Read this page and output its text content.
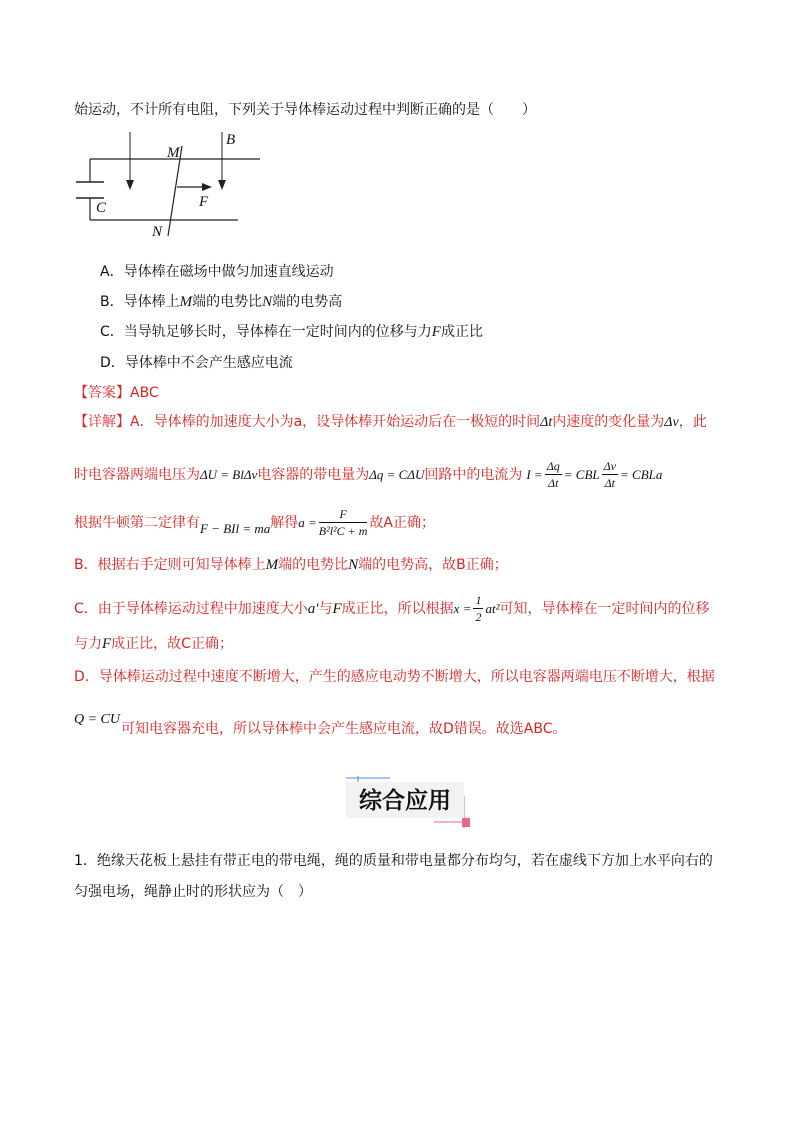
始运动，不计所有电阻，下列关于导体棒运动过程中判断正确的是（　　）
B
M
F
C
N
A．导体棒在磁场中做匀加速直线运动
B．导体棒上M端的电势比N端的电势高
C．当导轨足够长时，导体棒在一定时间内的位移与力F成正比
D．导体棒中不会产生感应电流
【答案】ABC
【详解】A．导体棒的加速度大小为a，设导体棒开始运动后在一极短的时间Δt内速度的变化量为Δv，此
时电容器两端电压为 ΔU = BlΔv 电容器的带电量为 Δq = CΔU 回路中的电流为 $I = \frac{\Delta q}{\Delta t}$ = CBL $\frac{\Delta v}{\Delta t}$ = CBLa
根据牛顿第二定律有 F − BIl = ma 解得 $a = \frac{F}{\text{B²l²C + m}}$ 故A正确；
B．根据右手定则可知导体棒上M端的电势比N端的电势高，故B正确；
C．由于导体棒运动过程中加速度大小 a' 与 F 成正比，所以根据 $x = \frac{1}{2} at^2$ 可知，导体棒在一定时间内的位移
与力F成正比，故C正确；
D．导体棒运动过程中速度不断增大，产生的感应电动势不断增大，所以电容器两端电压不断增大，根据
Q = CU
可知电容器充电，所以导体棒中会产生感应电流，故D错误。故选ABC。
综合应用
1．绝缘天花板上悬挂有带正电的带电绳，绳的质量和带电量都分布均匀，若在虚线下方加上水平向右的
匀强电场，绳静止时的形状应为（　）
